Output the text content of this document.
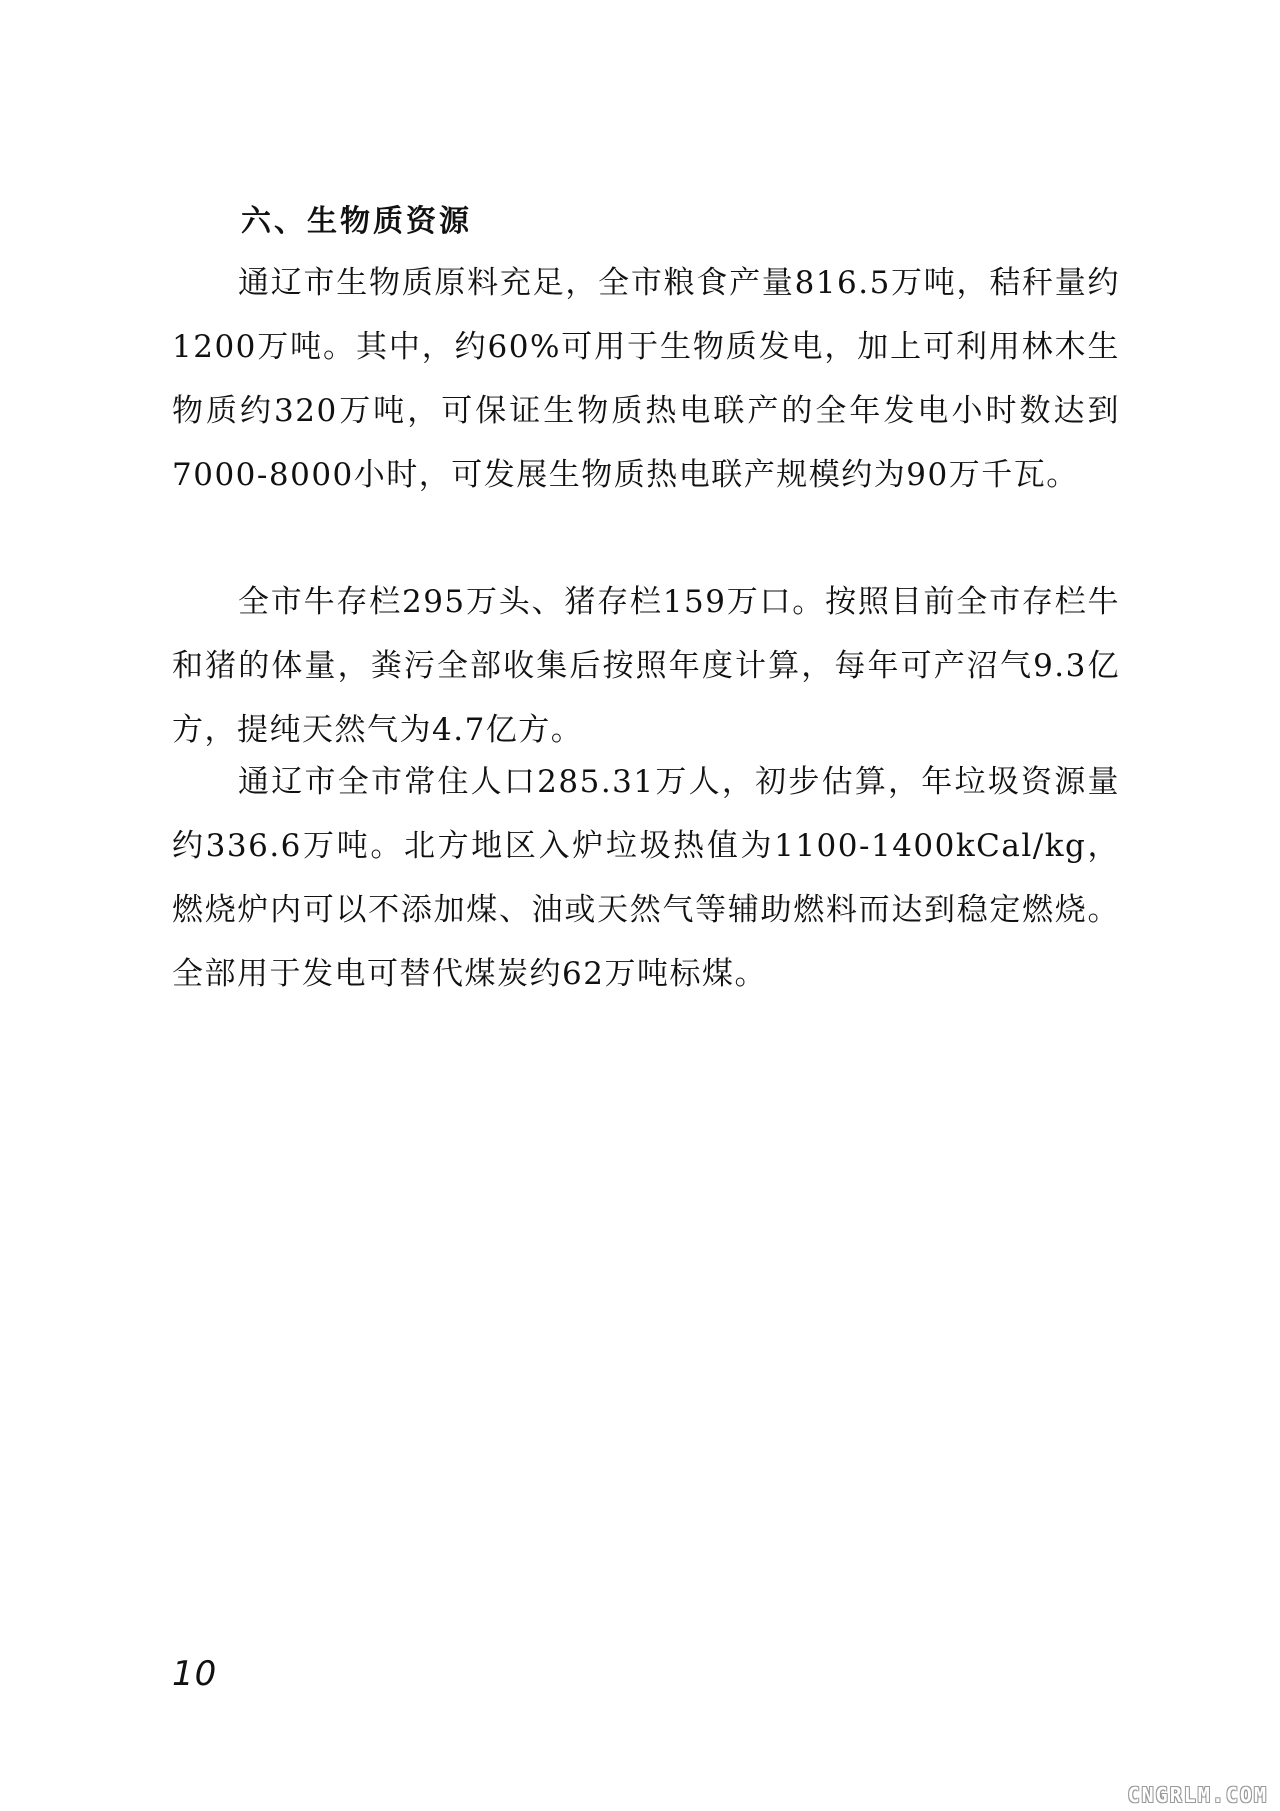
六、生物质资源

通辽市生物质原料充足，全市粮食产量816.5万吨，秸秆量约1200万吨。其中，约60%可用于生物质发电，加上可利用林木生物质约320万吨，可保证生物质热电联产的全年发电小时数达到7000-8000小时，可发展生物质热电联产规模约为90万千瓦。

全市牛存栏295万头、猪存栏159万口。按照目前全市存栏牛和猪的体量，粪污全部收集后按照年度计算，每年可产沼气9.3亿方，提纯天然气为4.7亿方。

通辽市全市常住人口285.31万人，初步估算，年垃圾资源量约336.6万吨。北方地区入炉垃圾热值为1100-1400kCal/kg，燃烧炉内可以不添加煤、油或天然气等辅助燃料而达到稳定燃烧。全部用于发电可替代煤炭约62万吨标煤。

10
CNGRLM.COM
